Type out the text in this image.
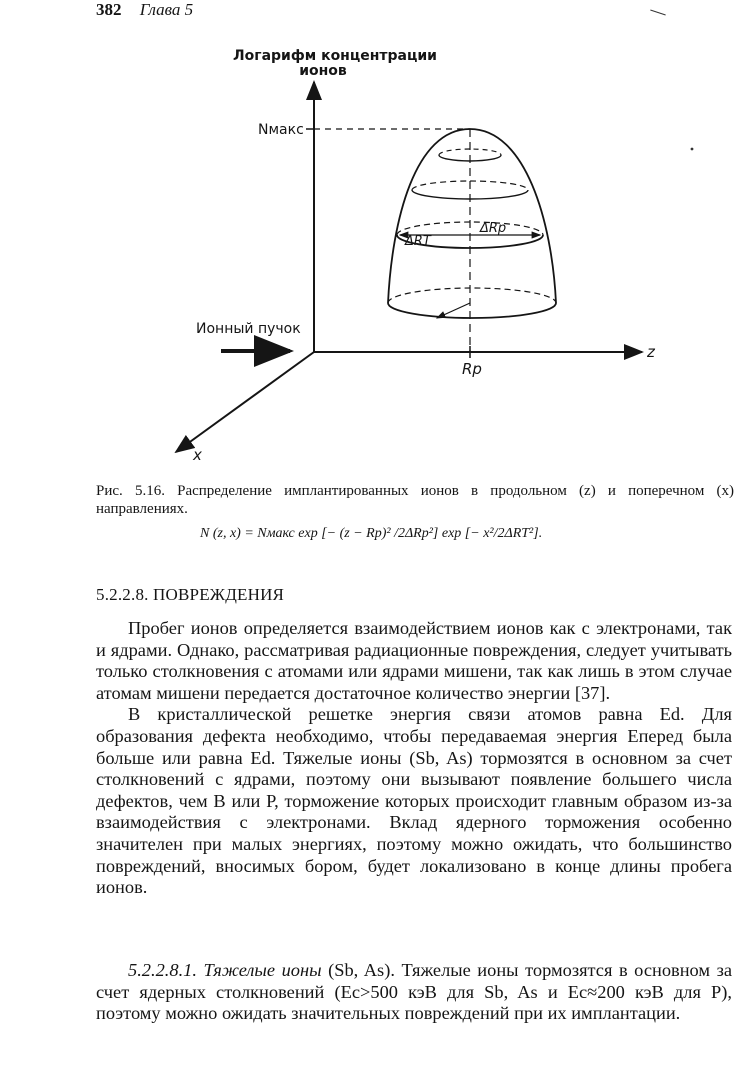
382 Глава 5
Логарифм концентрации
ионов
Nмакс
ΔRT
ΔRp
Ионный пучок
z
Rp
x
Рис. 5.16. Распределение имплантированных ионов в продольном (z) и поперечном (x) направлениях.
N (z, x) = Nмакс exp [− (z − Rp)² /2ΔRp²] exp [− x²/2ΔRT²].
5.2.2.8. ПОВРЕЖДЕНИЯ

Пробег ионов определяется взаимодействием ионов как с электронами, так и ядрами. Однако, рассматривая радиационные повреждения, следует учитывать только столкновения с атомами или ядрами мишени, так как лишь в этом случае атомам мишени передается достаточное количество энергии [37].

В кристаллической решетке энергия связи атомов равна Ed. Для образования дефекта необходимо, чтобы передаваемая энергия Eперед была больше или равна Ed. Тяжелые ионы (Sb, As) тормозятся в основном за счет столкновений с ядрами, поэтому они вызывают появление большего числа дефектов, чем В или Р, торможение которых происходит главным образом из-за взаимодействия с электронами. Вклад ядерного торможения особенно значителен при малых энергиях, поэтому можно ожидать, что большинство повреждений, вносимых бором, будет локализовано в конце длины пробега ионов.

5.2.2.8.1. Тяжелые ионы (Sb, As). Тяжелые ионы тормозятся в основном за счет ядерных столкновений (Ec>500 кэВ для Sb, As и Ec≈200 кэВ для Р), поэтому можно ожидать значительных повреждений при их имплантации.
